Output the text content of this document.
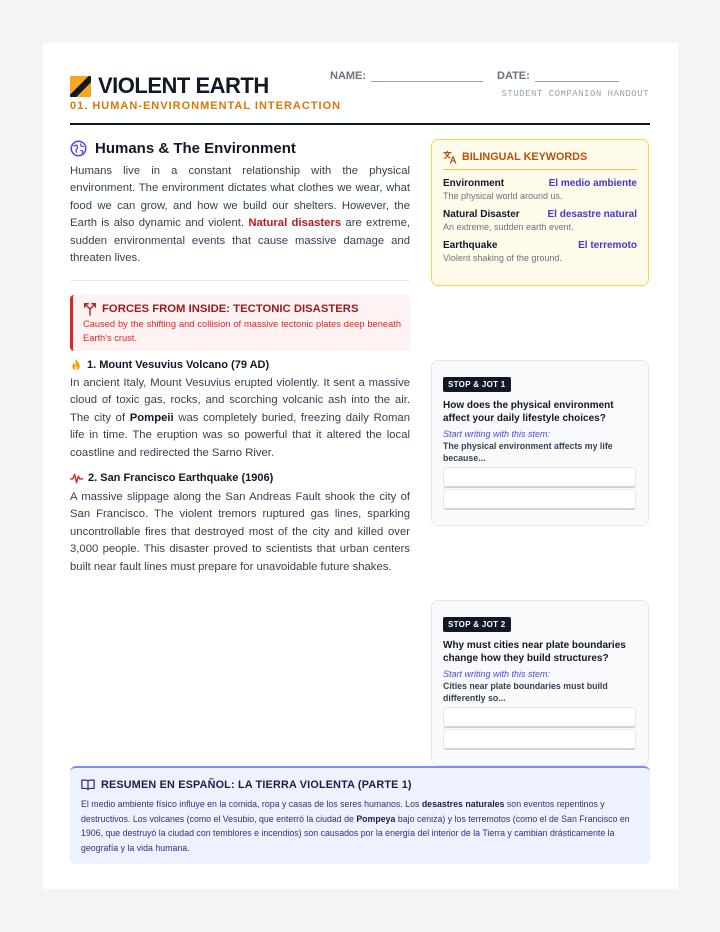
VIOLENT EARTH
01. HUMAN-ENVIRONMENTAL INTERACTION
NAME:	DATE:
STUDENT COMPANION HANDOUT
Humans & The Environment

Humans live in a constant relationship with the physical environment. The environment dictates what clothes we wear, what food we can grow, and how we build our shelters. However, the Earth is also dynamic and violent. Natural disasters are extreme, sudden environmental events that cause massive damage and threaten lives.

FORCES FROM INSIDE: TECTONIC DISASTERS
Caused by the shifting and collision of massive tectonic plates deep beneath Earth's crust.
1. Mount Vesuvius Volcano (79 AD)

In ancient Italy, Mount Vesuvius erupted violently. It sent a massive cloud of toxic gas, rocks, and scorching volcanic ash into the air. The city of Pompeii was completely buried, freezing daily Roman life in time. The eruption was so powerful that it altered the local coastline and redirected the Sarno River.

2. San Francisco Earthquake (1906)

A massive slippage along the San Andreas Fault shook the city of San Francisco. The violent tremors ruptured gas lines, sparking uncontrollable fires that destroyed most of the city and killed over 3,000 people. This disaster proved to scientists that urban centers built near fault lines must prepare for unavoidable future shakes.

BILINGUAL KEYWORDS
Environment	El medio ambiente
The physical world around us.
Natural Disaster	El desastre natural
An extreme, sudden earth event.
Earthquake	El terremoto
Violent shaking of the ground.
STOP & JOT 1
How does the physical environment affect your daily lifestyle choices?
Start writing with this stem:
The physical environment affects my life because...
STOP & JOT 2
Why must cities near plate boundaries change how they build structures?
Start writing with this stem:
Cities near plate boundaries must build differently so...
RESUMEN EN ESPAÑOL: LA TIERRA VIOLENTA (PARTE 1)

El medio ambiente físico influye en la comida, ropa y casas de los seres humanos. Los desastres naturales son eventos repentinos y destructivos. Los volcanes (como el Vesubio, que enterró la ciudad de Pompeya bajo ceniza) y los terremotos (como el de San Francisco en 1906, que destruyó la ciudad con temblores e incendios) son causados por la energía del interior de la Tierra y cambian drásticamente la geografía y la vida humana.
